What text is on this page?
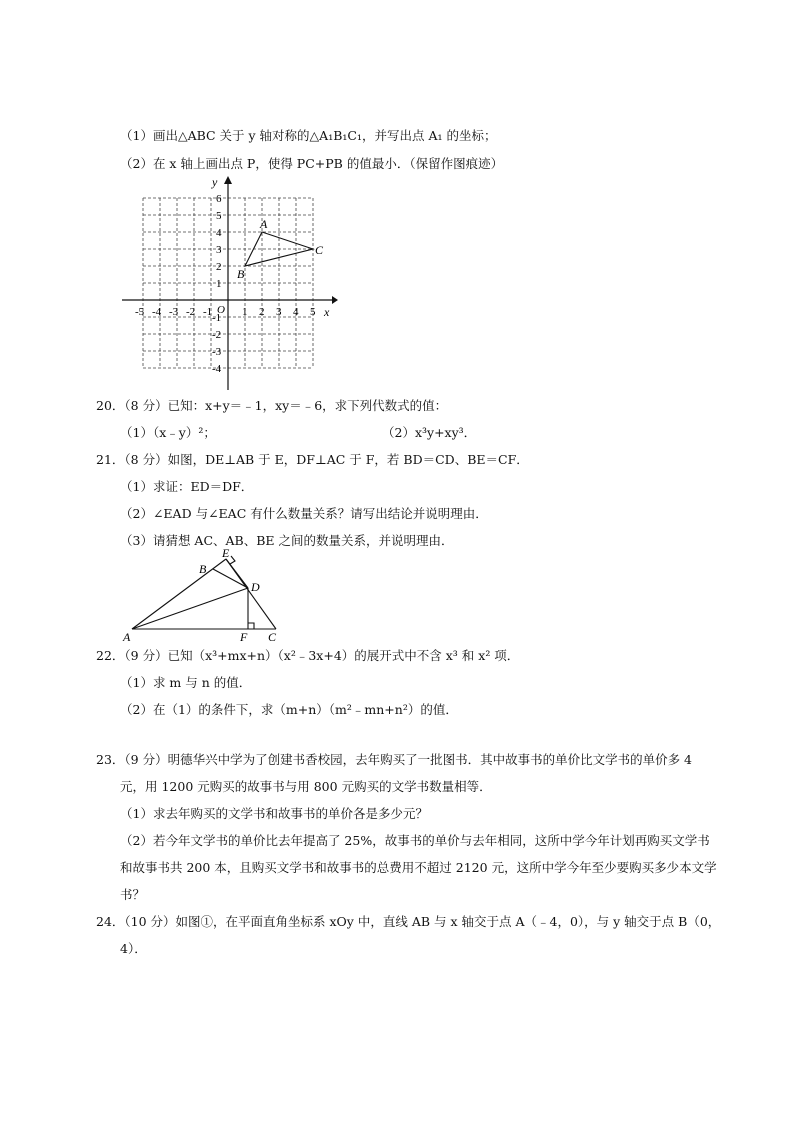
（1）画出△ABC 关于 y 轴对称的△A₁B₁C₁，并写出点 A₁ 的坐标；
（2）在 x 轴上画出点 P，使得 PC+PB 的值最小．（保留作图痕迹）
x
y
O
-5 -4 -3 -2 -1	1 2 3 4 5
6
5
4
3
2
1
-1
-2
-3
-4
A
B
C
20．（8 分）已知：x+y＝﹣1，xy＝﹣6，求下列代数式的值：
（1）（x﹣y）²；	（2）x³y+xy³．
21．（8 分）如图，DE⊥AB 于 E，DF⊥AC 于 F，若 BD＝CD、BE＝CF．
（1）求证：ED＝DF．
（2）∠EAD 与∠EAC 有什么数量关系？请写出结论并说明理由．
（3）请猜想 AC、AB、BE 之间的数量关系，并说明理由．
E
B
D
A	F C
22．（9 分）已知（x³+mx+n）（x²﹣3x+4）的展开式中不含 x³ 和 x² 项．
（1）求 m 与 n 的值．
（2）在（1）的条件下，求（m+n）（m²﹣mn+n²）的值．
23．（9 分）明德华兴中学为了创建书香校园，去年购买了一批图书．其中故事书的单价比文学书的单价多 4
元，用 1200 元购买的故事书与用 800 元购买的文学书数量相等．
（1）求去年购买的文学书和故事书的单价各是多少元？
（2）若今年文学书的单价比去年提高了 25%，故事书的单价与去年相同，这所中学今年计划再购买文学书
和故事书共 200 本，且购买文学书和故事书的总费用不超过 2120 元，这所中学今年至少要购买多少本文学
书？
24．（10 分）如图①，在平面直角坐标系 xOy 中，直线 AB 与 x 轴交于点 A（﹣4，0），与 y 轴交于点 B（0，
4）．
